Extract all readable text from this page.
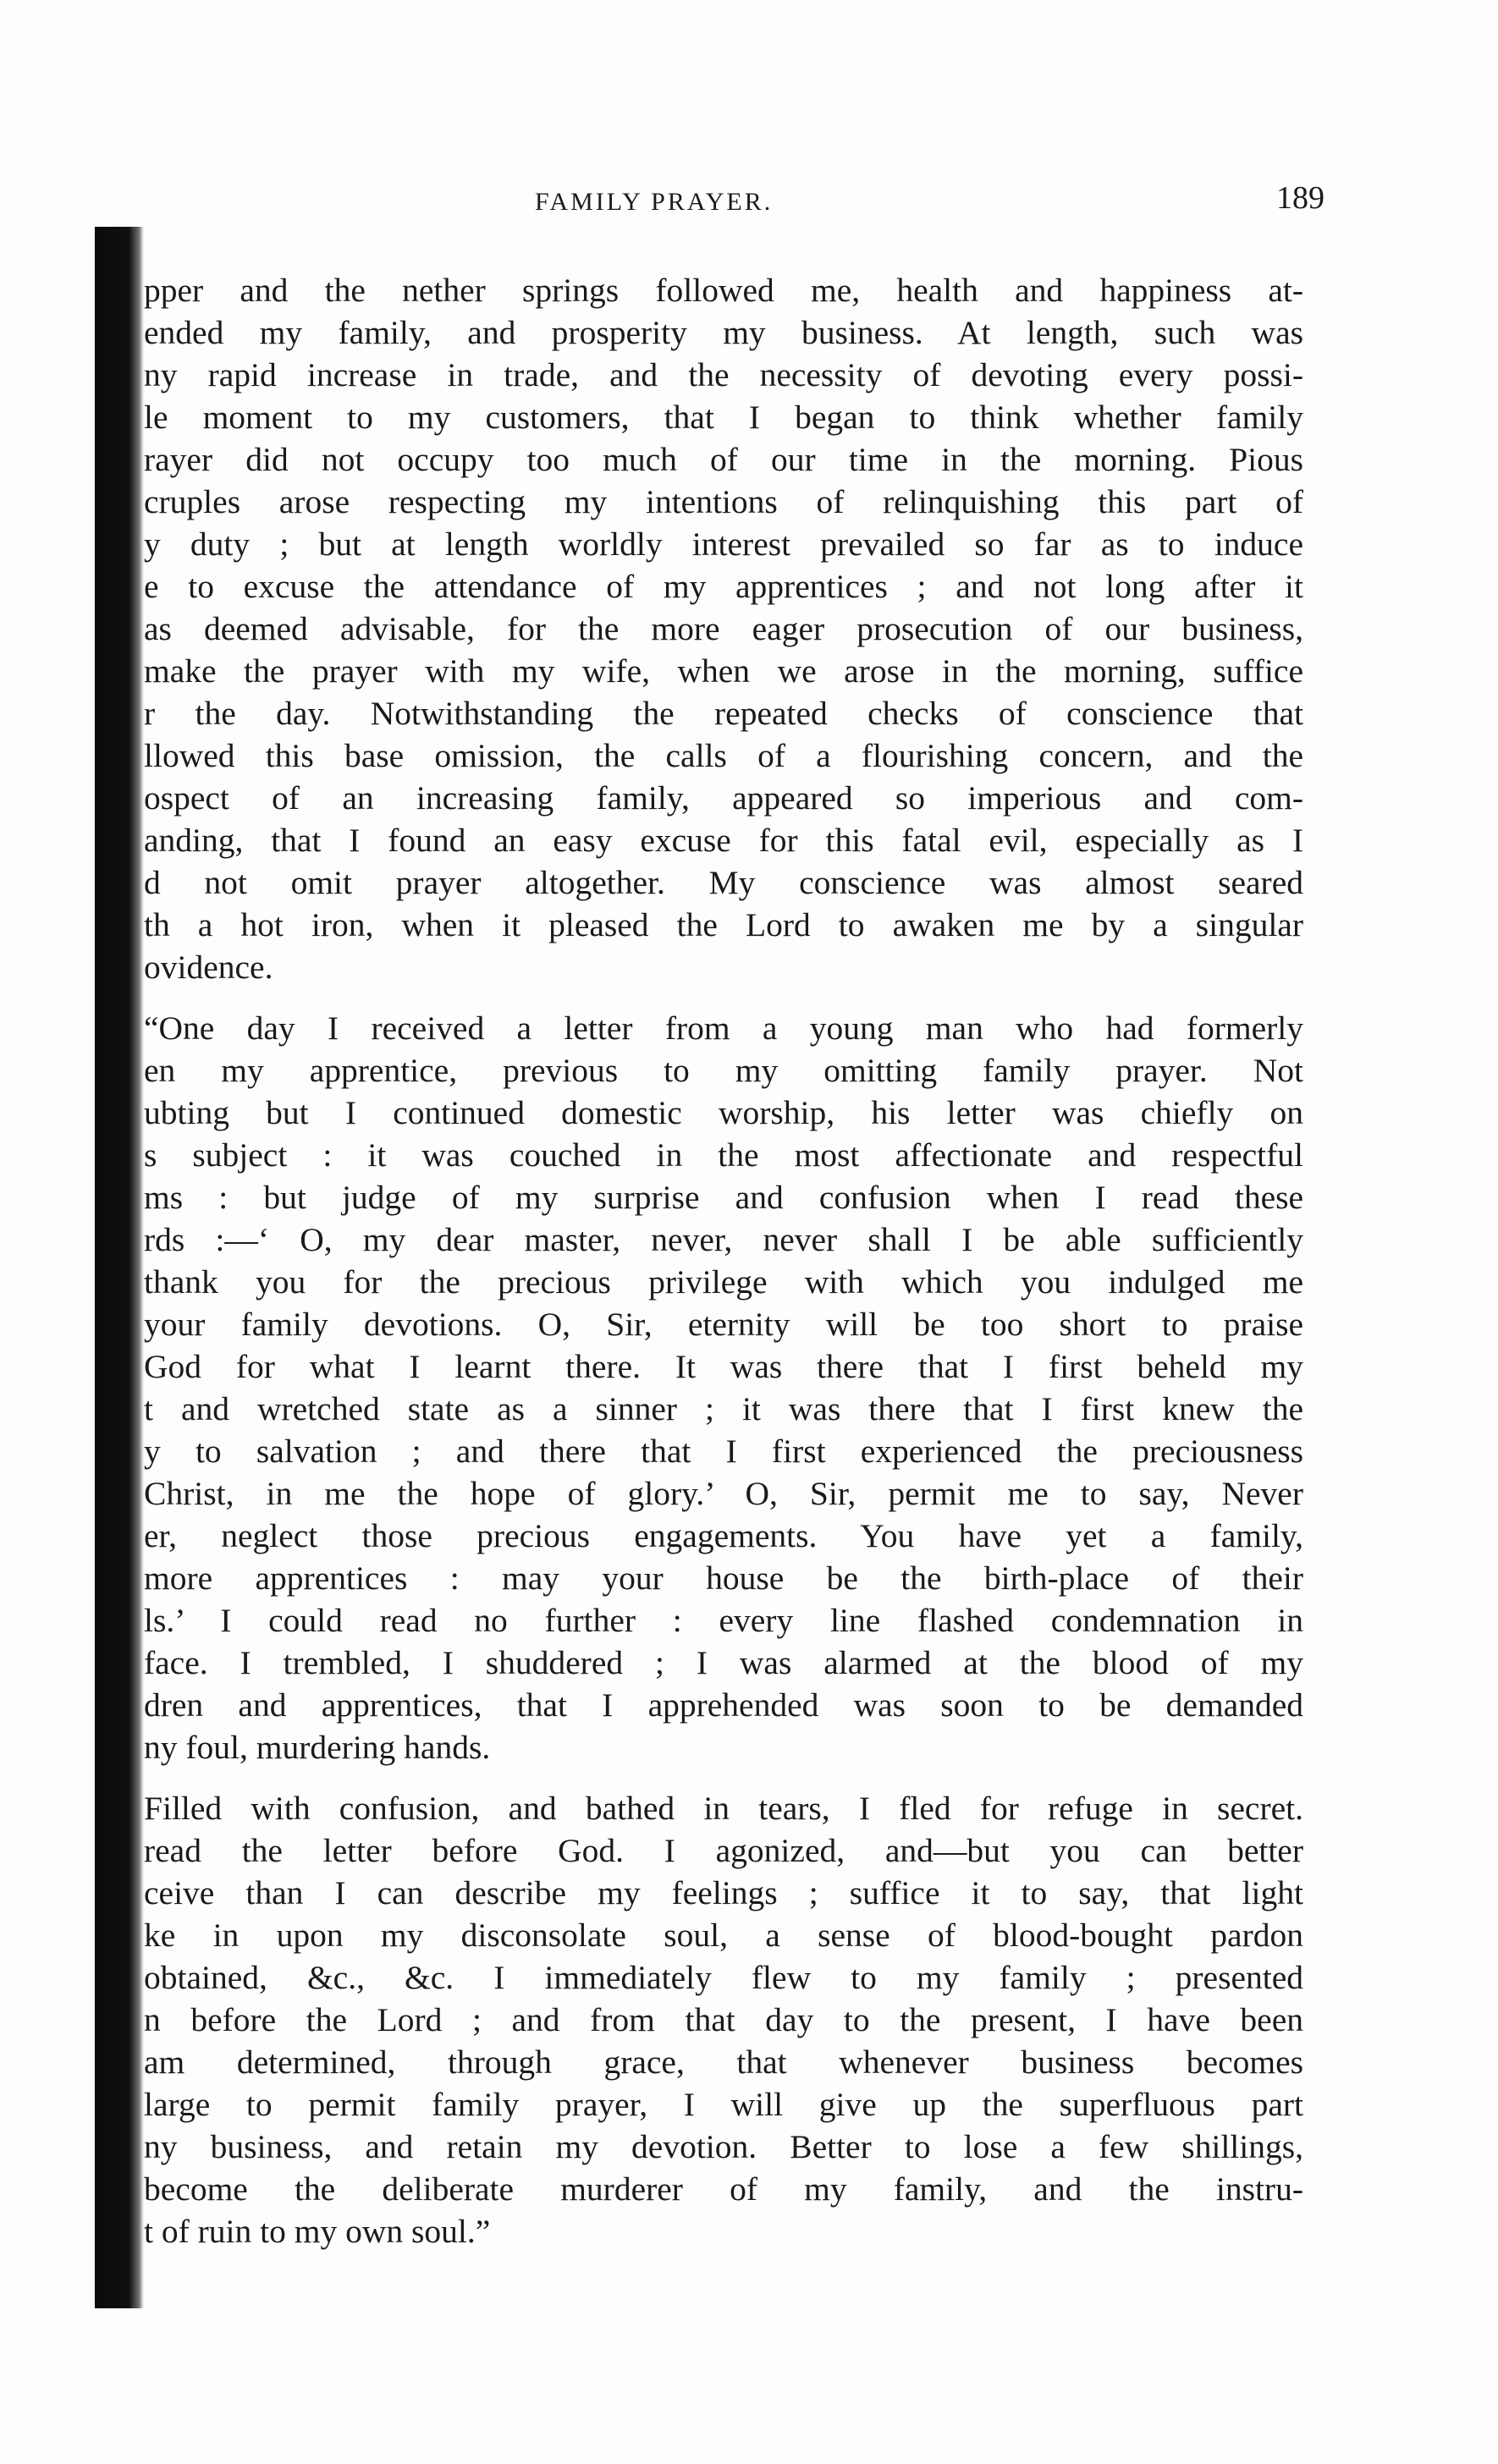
FAMILY PRAYER.	189
pper and the nether springs followed me, health and happiness at-
ended my family, and prosperity my business. At length, such was
ny rapid increase in trade, and the necessity of devoting every possi-
le moment to my customers, that I began to think whether family
rayer did not occupy too much of our time in the morning. Pious
cruples arose respecting my intentions of relinquishing this part of
y duty ; but at length worldly interest prevailed so far as to induce
e to excuse the attendance of my apprentices ; and not long after it
as deemed advisable, for the more eager prosecution of our business,
make the prayer with my wife, when we arose in the morning, suffice
r the day. Notwithstanding the repeated checks of conscience that
llowed this base omission, the calls of a flourishing concern, and the
ospect of an increasing family, appeared so imperious and com-
anding, that I found an easy excuse for this fatal evil, especially as I
d not omit prayer altogether. My conscience was almost seared
th a hot iron, when it pleased the Lord to awaken me by a singular
ovidence.
“One day I received a letter from a young man who had formerly
en my apprentice, previous to my omitting family prayer. Not
ubting but I continued domestic worship, his letter was chiefly on
s subject : it was couched in the most affectionate and respectful
ms : but judge of my surprise and confusion when I read these
rds :—‘ O, my dear master, never, never shall I be able sufficiently
thank you for the precious privilege with which you indulged me
your family devotions. O, Sir, eternity will be too short to praise
God for what I learnt there. It was there that I first beheld my
t and wretched state as a sinner ; it was there that I first knew the
y to salvation ; and there that I first experienced the preciousness
Christ, in me the hope of glory.’ O, Sir, permit me to say, Never
er, neglect those precious engagements. You have yet a family,
more apprentices : may your house be the birth-place of their
ls.’ I could read no further : every line flashed condemnation in
face. I trembled, I shuddered ; I was alarmed at the blood of my
dren and apprentices, that I apprehended was soon to be demanded
ny foul, murdering hands.
Filled with confusion, and bathed in tears, I fled for refuge in secret.
read the letter before God. I agonized, and—but you can better
ceive than I can describe my feelings ; suffice it to say, that light
ke in upon my disconsolate soul, a sense of blood-bought pardon
obtained, &c., &c. I immediately flew to my family ; presented
n before the Lord ; and from that day to the present, I have been
am determined, through grace, that whenever business becomes
large to permit family prayer, I will give up the superfluous part
ny business, and retain my devotion. Better to lose a few shillings,
become the deliberate murderer of my family, and the instru-
t of ruin to my own soul.”
